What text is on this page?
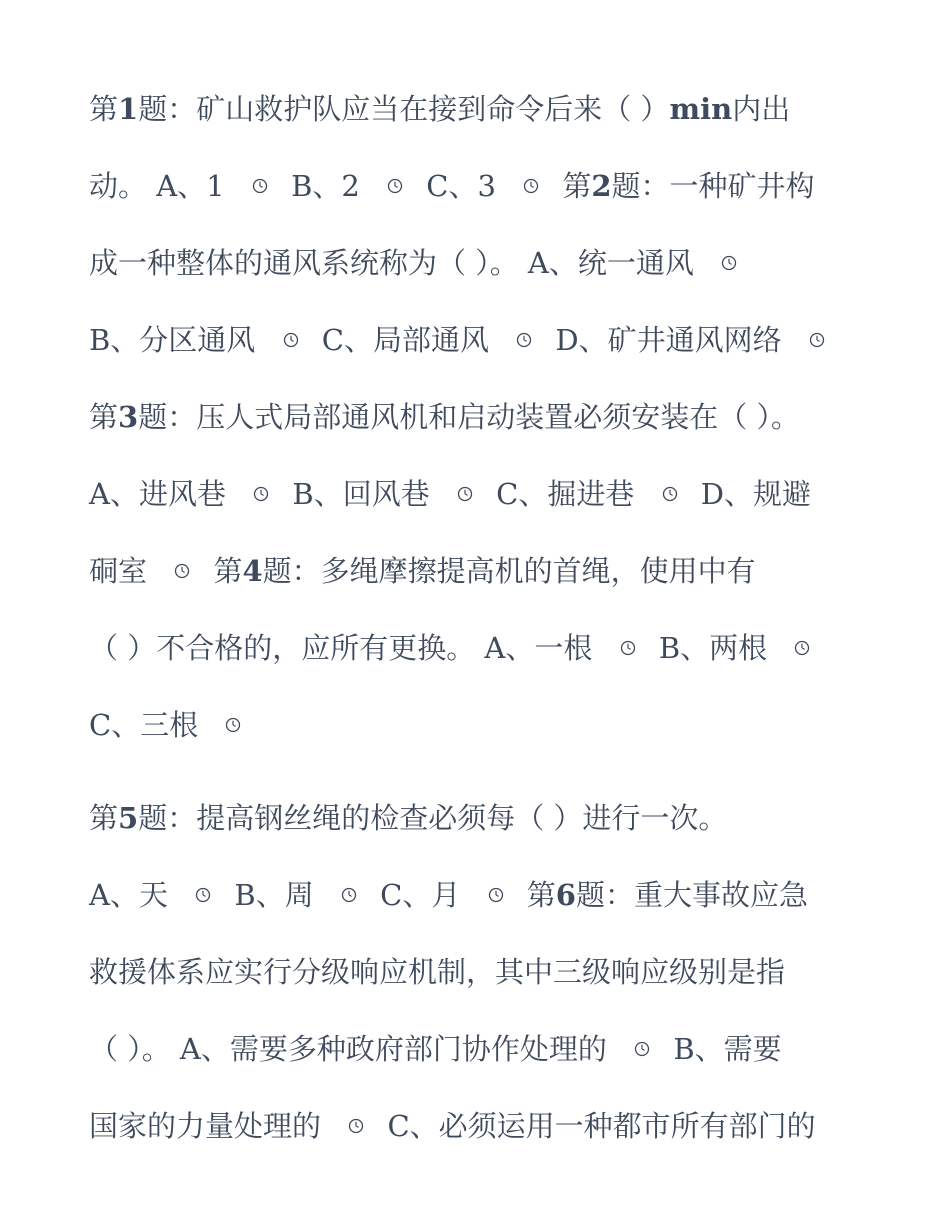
第1题：矿山救护队应当在接到命令后来（ ）min内出
动。 A、1 B、2 C、3 第2题：一种矿井构
成一种整体的通风系统称为（ ）。 A、统一通风
B、分区通风 C、局部通风 D、矿井通风网络
第3题：压人式局部通风机和启动装置必须安装在（ ）。
A、进风巷 B、回风巷 C、掘进巷 D、规避
硐室 第4题：多绳摩擦提高机的首绳，使用中有
（ ）不合格的，应所有更换。 A、一根 B、两根
C、三根
第5题：提高钢丝绳的检查必须每（ ）进行一次。
A、天 B、周 C、月 第6题：重大事故应急
救援体系应实行分级响应机制，其中三级响应级别是指
（ ）。 A、需要多种政府部门协作处理的 B、需要
国家的力量处理的 C、必须运用一种都市所有部门的
